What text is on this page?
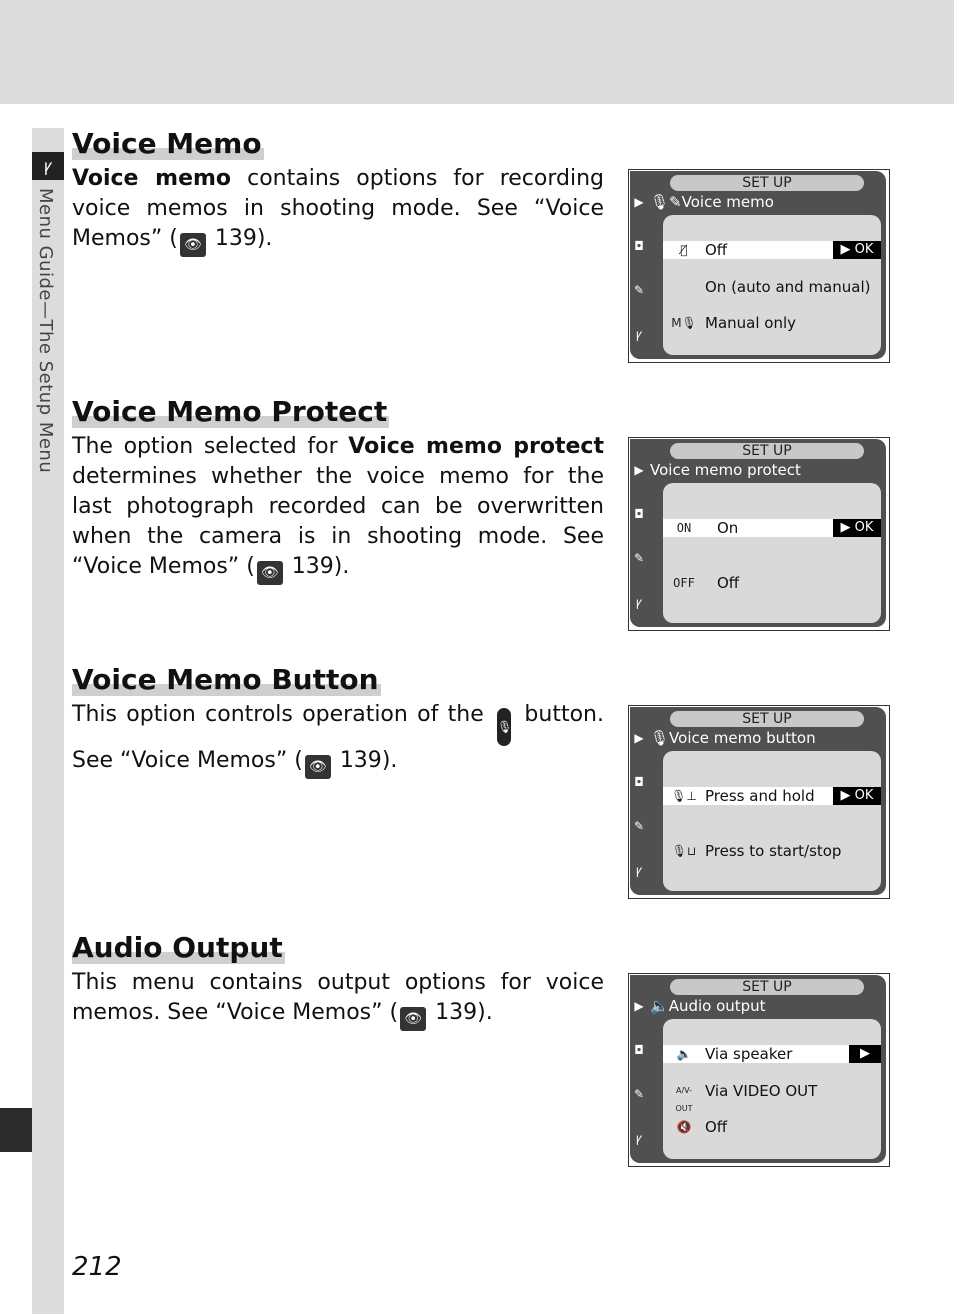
ꝩ
Menu Guide—The Setup Menu
Voice Memo

Voice memo contains options for recording voice memos in shooting mode. See “Voice Memos” ( 👁 139).

Voice Memo Protect

The option selected for Voice memo protect determines whether the voice memo for the last photograph recorded can be overwritten when the camera is in shooting mode. See “Voice Memos” ( 👁 139).

Voice Memo Button

This option controls operation of the 🎙 button. See “Voice Memos” ( 👁 139).

Audio Output

This menu contains output options for voice memos. See “Voice Memos” ( 👁 139).

▶
◘
✎
ꝩ
SET UP
🎙✎Voice memo
🎙̸	Off	▶ OK
On (auto and manual)
M🎙 Manual only
▶
◘
✎
ꝩ
SET UP
Voice memo protect
ON	On	▶ OK
OFF Off
▶
◘
✎
ꝩ
SET UP
🎙Voice memo button
🎙⊥ Press and hold	▶ OK
🎙⊔ Press to start/stop
▶
◘
✎
ꝩ
SET UP
🔈Audio output
🔈 Via speaker	▶
A/V-OUT
Via VIDEO OUT
🔇 Off
212
